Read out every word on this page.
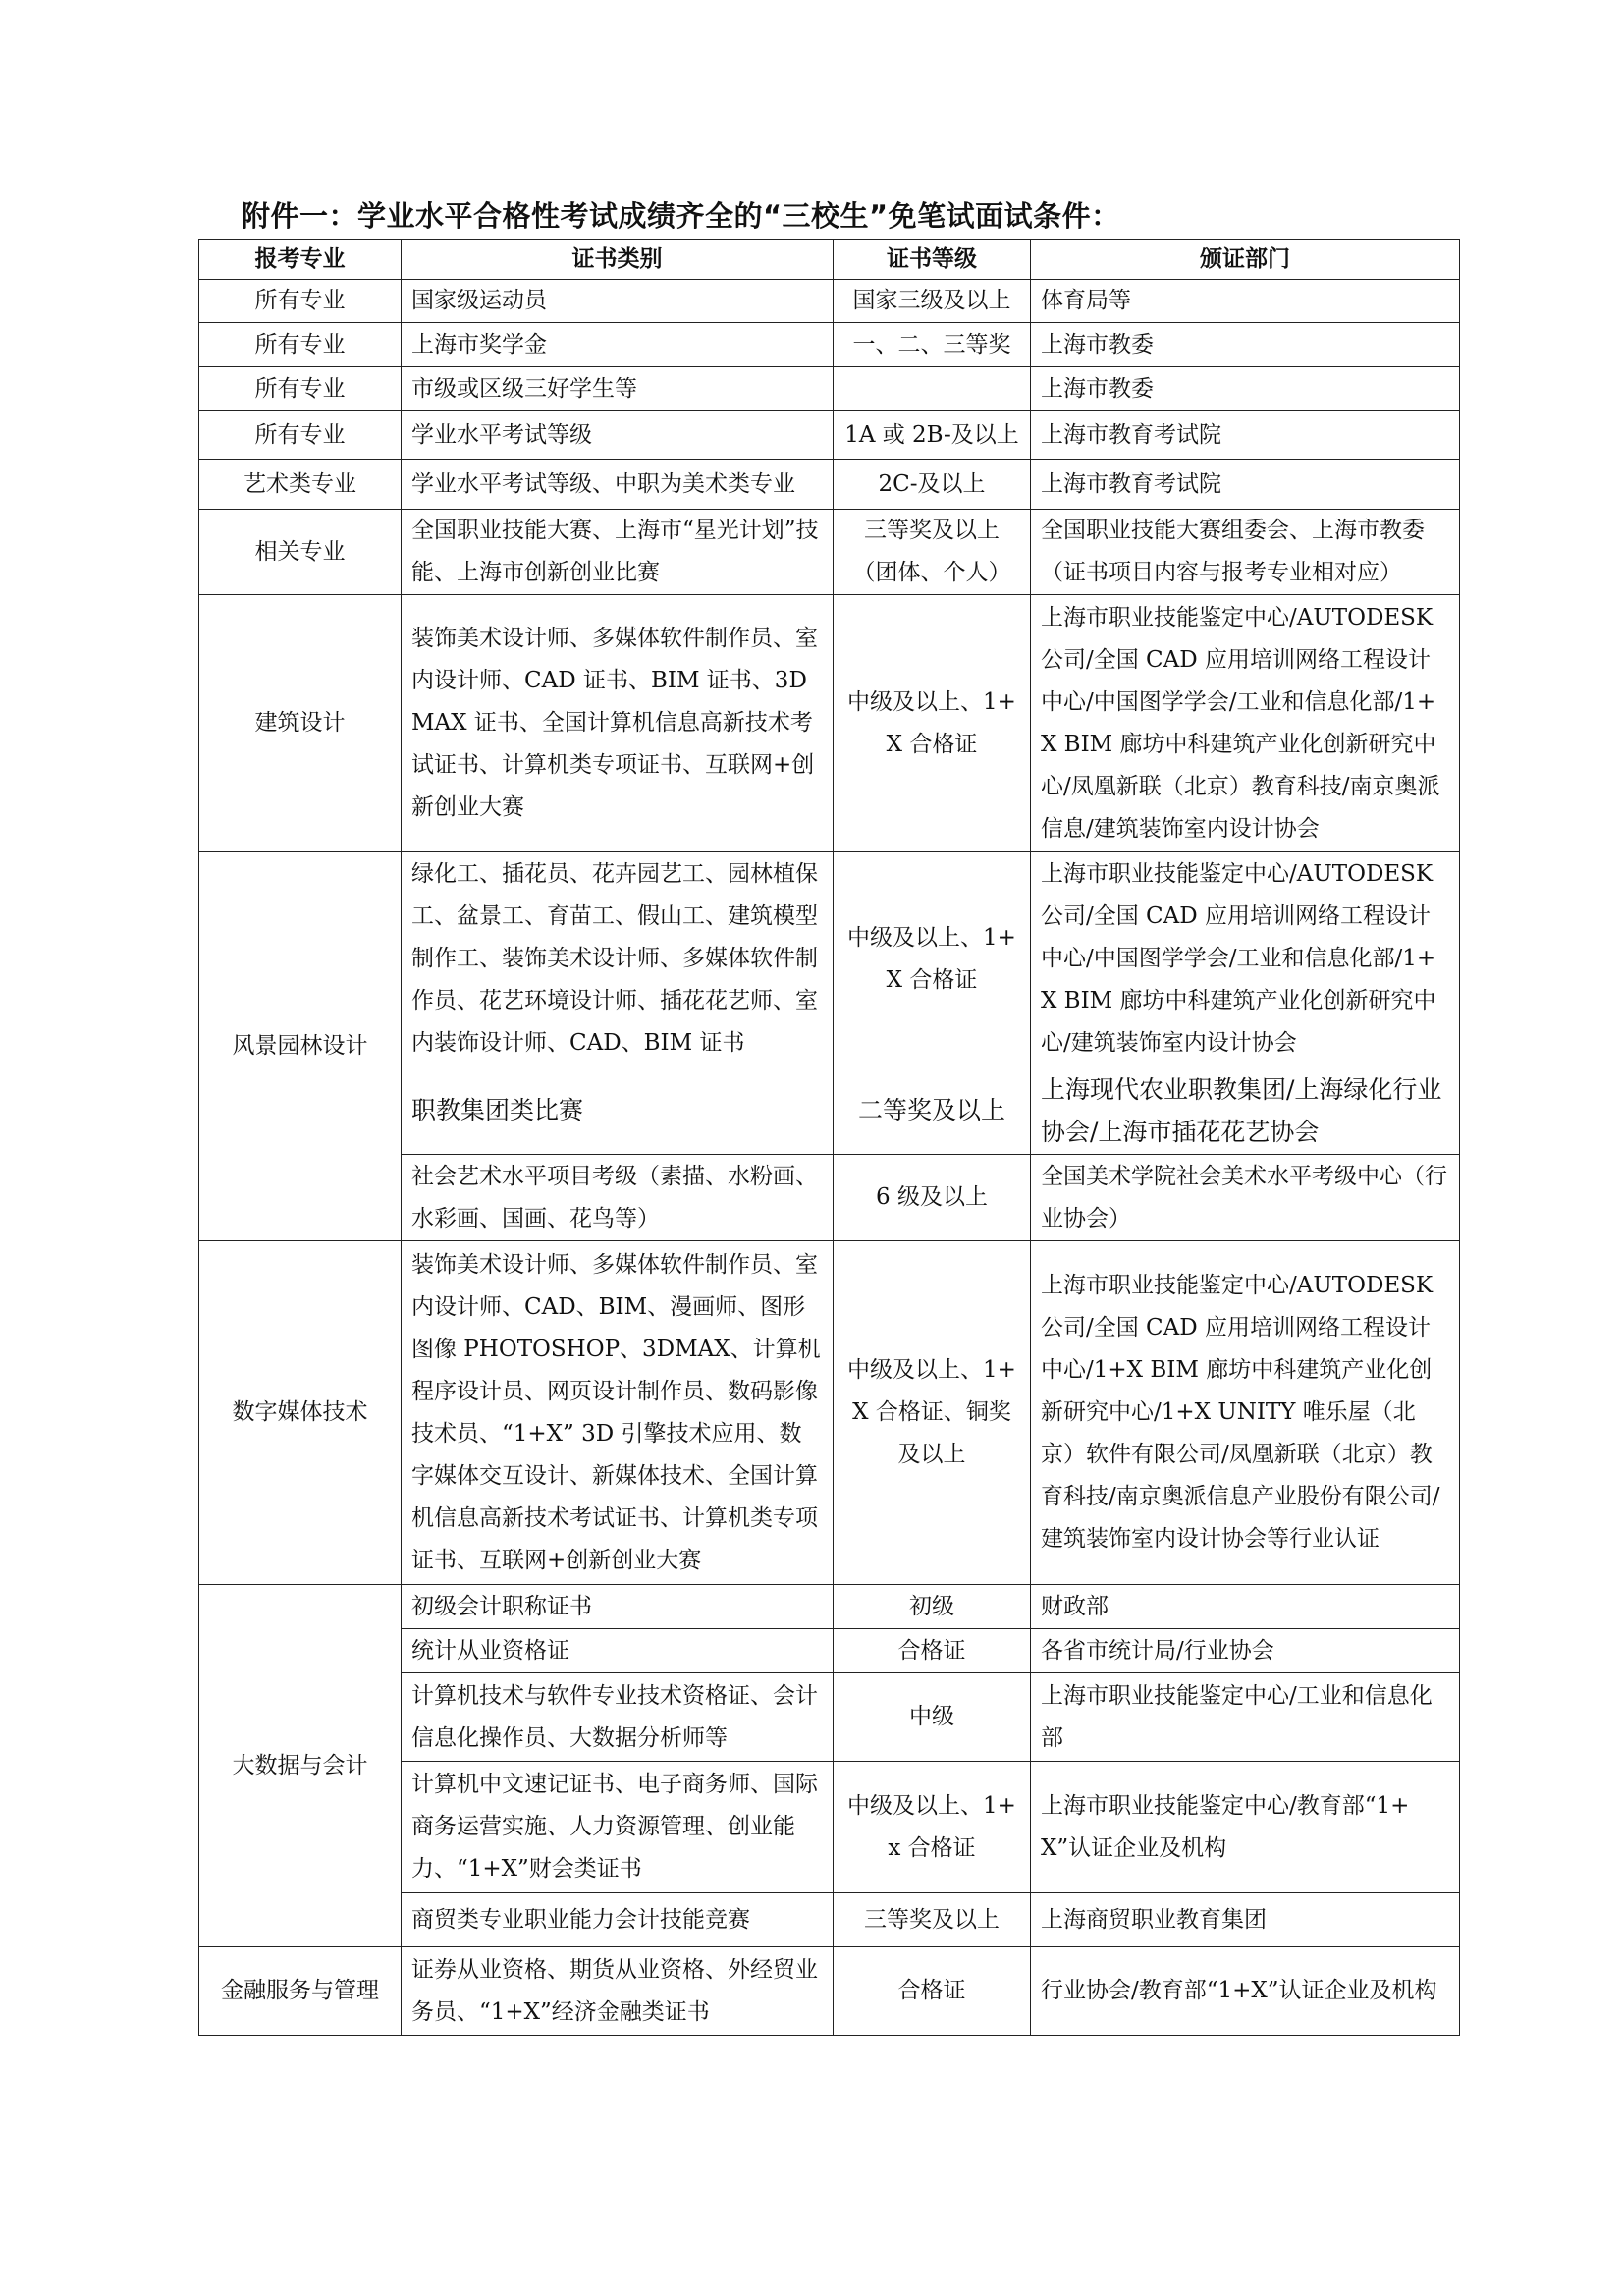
附件一：学业水平合格性考试成绩齐全的“三校生”免笔试面试条件：
报考专业	证书类别	证书等级	颁证部门
所有专业	国家级运动员	国家三级及以上	体育局等
所有专业	上海市奖学金	一、二、三等奖	上海市教委
所有专业	市级或区级三好学生等		上海市教委
所有专业	学业水平考试等级	1A 或 2B-及以上	上海市教育考试院
艺术类专业	学业水平考试等级、中职为美术类专业	2C-及以上	上海市教育考试院
相关专业	全国职业技能大赛、上海市“星光计划”技能、上海市创新创业比赛	三等奖及以上（团体、个人）	全国职业技能大赛组委会、上海市教委（证书项目内容与报考专业相对应）
建筑设计	装饰美术设计师、多媒体软件制作员、室内设计师、CAD 证书、BIM 证书、3DMAX 证书、全国计算机信息高新技术考试证书、计算机类专项证书、互联网+创新创业大赛	中级及以上、1+X 合格证	上海市职业技能鉴定中心/AUTODESK 公司/全国 CAD 应用培训网络工程设计中心/中国图学学会/工业和信息化部/1+X BIM 廊坊中科建筑产业化创新研究中心/凤凰新联（北京）教育科技/南京奥派信息/建筑装饰室内设计协会
风景园林设计	绿化工、插花员、花卉园艺工、园林植保工、盆景工、育苗工、假山工、建筑模型制作工、装饰美术设计师、多媒体软件制作员、花艺环境设计师、插花花艺师、室内装饰设计师、CAD、BIM 证书	中级及以上、1+X 合格证	上海市职业技能鉴定中心/AUTODESK 公司/全国 CAD 应用培训网络工程设计中心/中国图学学会/工业和信息化部/1+X BIM 廊坊中科建筑产业化创新研究中心/建筑装饰室内设计协会
	职教集团类比赛	二等奖及以上	上海现代农业职教集团/上海绿化行业协会/上海市插花花艺协会
	社会艺术水平项目考级（素描、水粉画、水彩画、国画、花鸟等）	6 级及以上	全国美术学院社会美术水平考级中心（行业协会）
数字媒体技术	装饰美术设计师、多媒体软件制作员、室内设计师、CAD、BIM、漫画师、图形图像 PHOTOSHOP、3DMAX、计算机程序设计员、网页设计制作员、数码影像技术员、“1+X” 3D 引擎技术应用、数字媒体交互设计、新媒体技术、全国计算机信息高新技术考试证书、计算机类专项证书、互联网+创新创业大赛	中级及以上、1+X 合格证、铜奖及以上	上海市职业技能鉴定中心/AUTODESK 公司/全国 CAD 应用培训网络工程设计中心/1+X BIM 廊坊中科建筑产业化创新研究中心/1+X UNITY 唯乐屋（北京）软件有限公司/凤凰新联（北京）教育科技/南京奥派信息产业股份有限公司/建筑装饰室内设计协会等行业认证
大数据与会计	初级会计职称证书	初级	财政部
	统计从业资格证	合格证	各省市统计局/行业协会
	计算机技术与软件专业技术资格证、会计信息化操作员、大数据分析师等	中级	上海市职业技能鉴定中心/工业和信息化部
	计算机中文速记证书、电子商务师、国际商务运营实施、人力资源管理、创业能力、“1+X”财会类证书	中级及以上、1+x 合格证	上海市职业技能鉴定中心/教育部“1+X”认证企业及机构
	商贸类专业职业能力会计技能竞赛	三等奖及以上	上海商贸职业教育集团
金融服务与管理	证券从业资格、期货从业资格、外经贸业务员、“1+X”经济金融类证书	合格证	行业协会/教育部“1+X”认证企业及机构
